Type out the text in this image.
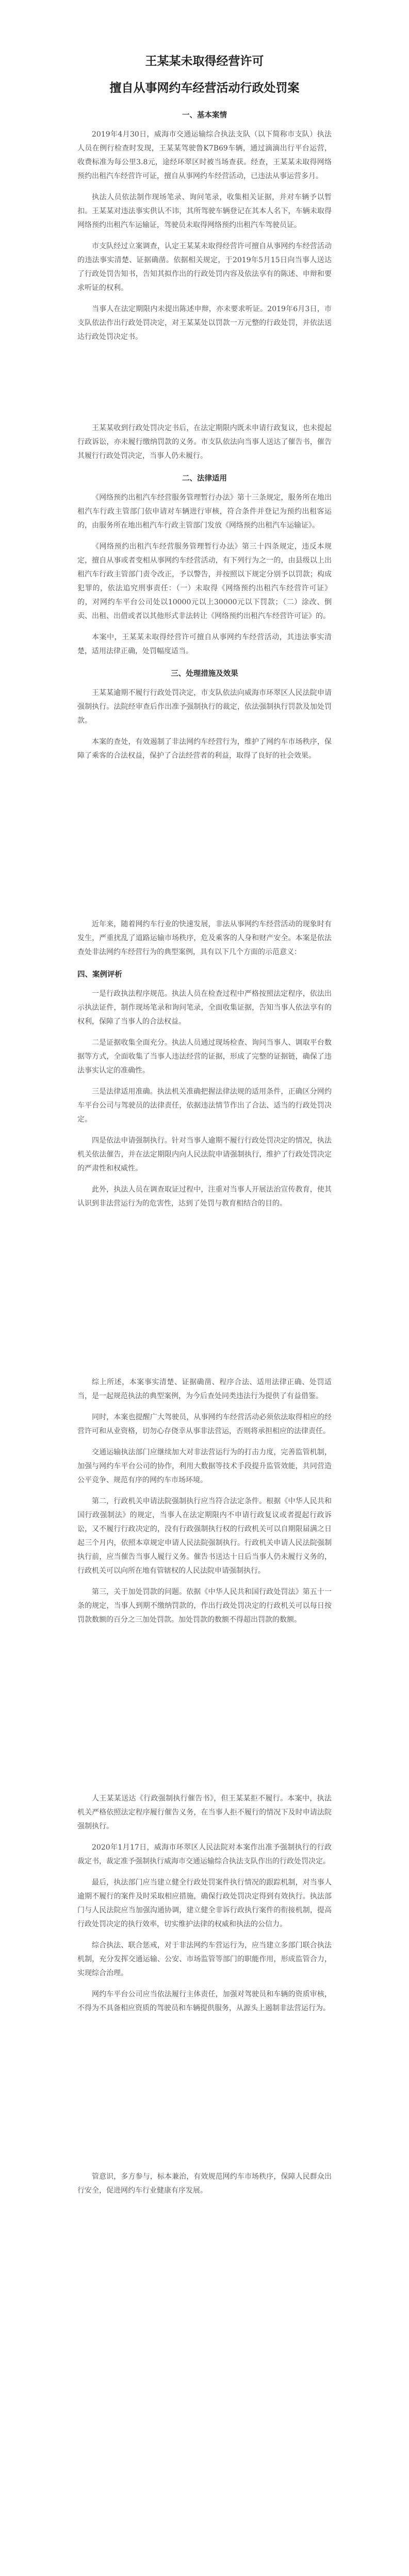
王某某未取得经营许可
擅自从事网约车经营活动行政处罚案
一、基本案情

2019年4月30日，威海市交通运输综合执法支队（以下简称市支队）执法人员在例行检查时发现，王某某驾驶鲁K7B69车辆，通过滴滴出行平台运营，收费标准为每公里3.8元，途经环翠区时被当场查获。经查，王某某未取得网络预约出租汽车经营许可证，擅自从事网约车经营活动，已违法从事运营多月。

执法人员依法制作现场笔录、询问笔录，收集相关证据，并对车辆予以暂扣。王某某对违法事实供认不讳，其所驾驶车辆登记在其本人名下，车辆未取得网络预约出租汽车运输证，驾驶员未取得网络预约出租汽车驾驶员证。

市支队经过立案调查，认定王某某未取得经营许可擅自从事网约车经营活动的违法事实清楚、证据确凿。依据相关规定，于2019年5月15日向当事人送达了行政处罚告知书，告知其拟作出的行政处罚内容及依法享有的陈述、申辩和要求听证的权利。

当事人在法定期限内未提出陈述申辩，亦未要求听证。2019年6月3日，市支队依法作出行政处罚决定，对王某某处以罚款一万元整的行政处罚，并依法送达行政处罚决定书。

王某某收到行政处罚决定书后，在法定期限内既未申请行政复议，也未提起行政诉讼，亦未履行缴纳罚款的义务。市支队依法向当事人送达了催告书，催告其履行行政处罚决定，当事人仍未履行。

二、法律适用

《网络预约出租汽车经营服务管理暂行办法》第十三条规定，服务所在地出租汽车行政主管部门依申请对车辆进行审核，符合条件并登记为预约出租客运的，由服务所在地出租汽车行政主管部门发放《网络预约出租汽车运输证》。

《网络预约出租汽车经营服务管理暂行办法》第三十四条规定，违反本规定，擅自从事或者变相从事网约车经营活动，有下列行为之一的，由县级以上出租汽车行政主管部门责令改正，予以警告，并按照以下规定分别予以罚款；构成犯罪的，依法追究刑事责任：（一）未取得《网络预约出租汽车经营许可证》的，对网约车平台公司处以10000元以上30000元以下罚款；（二）涂改、倒卖、出租、出借或者以其他形式非法转让《网络预约出租汽车经营许可证》的。

本案中，王某某未取得经营许可擅自从事网约车经营活动，其违法事实清楚，适用法律正确，处罚幅度适当。

三、处理措施及效果

王某某逾期不履行行政处罚决定，市支队依法向威海市环翠区人民法院申请强制执行。法院经审查后作出准予强制执行的裁定，依法强制执行罚款及加处罚款。

本案的查处，有效遏制了非法网约车经营行为，维护了网约车市场秩序，保障了乘客的合法权益，保护了合法经营者的利益，取得了良好的社会效果。

近年来，随着网约车行业的快速发展，非法从事网约车经营活动的现象时有发生，严重扰乱了道路运输市场秩序，危及乘客的人身和财产安全。本案是依法查处非法网约车经营行为的典型案例，具有以下几个方面的示范意义：

四、案例评析

一是行政执法程序规范。执法人员在检查过程中严格按照法定程序，依法出示执法证件，制作现场笔录和询问笔录，全面收集证据，告知当事人依法享有的权利，保障了当事人的合法权益。

二是证据收集全面充分。执法人员通过现场检查、询问当事人、调取平台数据等方式，全面收集了当事人违法经营的证据，形成了完整的证据链，确保了违法事实认定的准确性。

三是法律适用准确。执法机关准确把握法律法规的适用条件，正确区分网约车平台公司与驾驶员的法律责任，依据违法情节作出了合法、适当的行政处罚决定。

四是依法申请强制执行。针对当事人逾期不履行行政处罚决定的情况，执法机关依法催告，并在法定期限内向人民法院申请强制执行，维护了行政处罚决定的严肃性和权威性。

此外，执法人员在调查取证过程中，注重对当事人开展法治宣传教育，使其认识到非法营运行为的危害性，达到了处罚与教育相结合的目的。

综上所述，本案事实清楚、证据确凿、程序合法、适用法律正确、处罚适当，是一起规范执法的典型案例，为今后查处同类违法行为提供了有益借鉴。

同时，本案也提醒广大驾驶员，从事网约车经营活动必须依法取得相应的经营许可和从业资格，切勿心存侥幸从事非法营运，否则将承担相应的法律责任。

交通运输执法部门应继续加大对非法营运行为的打击力度，完善监管机制，加强与网约车平台公司的协作，利用大数据等技术手段提升监管效能，共同营造公平竞争、规范有序的网约车市场环境。

第二，行政机关申请法院强制执行应当符合法定条件。根据《中华人民共和国行政强制法》的规定，当事人在法定期限内不申请行政复议或者提起行政诉讼，又不履行行政决定的，没有行政强制执行权的行政机关可以自期限届满之日起三个月内，依照本章规定申请人民法院强制执行。行政机关申请人民法院强制执行前，应当催告当事人履行义务。催告书送达十日后当事人仍未履行义务的，行政机关可以向所在地有管辖权的人民法院申请强制执行。

第三，关于加处罚款的问题。依据《中华人民共和国行政处罚法》第五十一条的规定，当事人到期不缴纳罚款的，作出行政处罚决定的行政机关可以每日按罚款数额的百分之三加处罚款。加处罚款的数额不得超出罚款的数额。

人王某某送达《行政强制执行催告书》，但王某某拒不履行。本案中，执法机关严格依照法定程序履行催告义务，在当事人拒不履行的情况下及时申请法院强制执行。

2020年1月17日，威海市环翠区人民法院对本案作出准予强制执行的行政裁定书，裁定准予强制执行威海市交通运输综合执法支队作出的行政处罚决定。

最后，执法部门应当建立健全行政处罚案件执行情况的跟踪机制，对当事人逾期不履行的案件及时采取相应措施，确保行政处罚决定得到有效执行。执法部门与人民法院应当加强沟通协调，建立健全非诉行政执行案件的衔接机制，提高行政处罚决定的执行效率，切实维护法律的权威和执法的公信力。

综合执法、联合惩戒，对于非法网约车营运行为，应当建立多部门联合执法机制，充分发挥交通运输、公安、市场监管等部门的职能作用，形成监管合力，实现综合治理。

网约车平台公司应当依法履行主体责任，加强对驾驶员和车辆的资质审核，不得为不具备相应资质的驾驶员和车辆提供服务，从源头上遏制非法营运行为。

管意识，多方参与，标本兼治，有效规范网约车市场秩序，保障人民群众出行安全，促进网约车行业健康有序发展。
